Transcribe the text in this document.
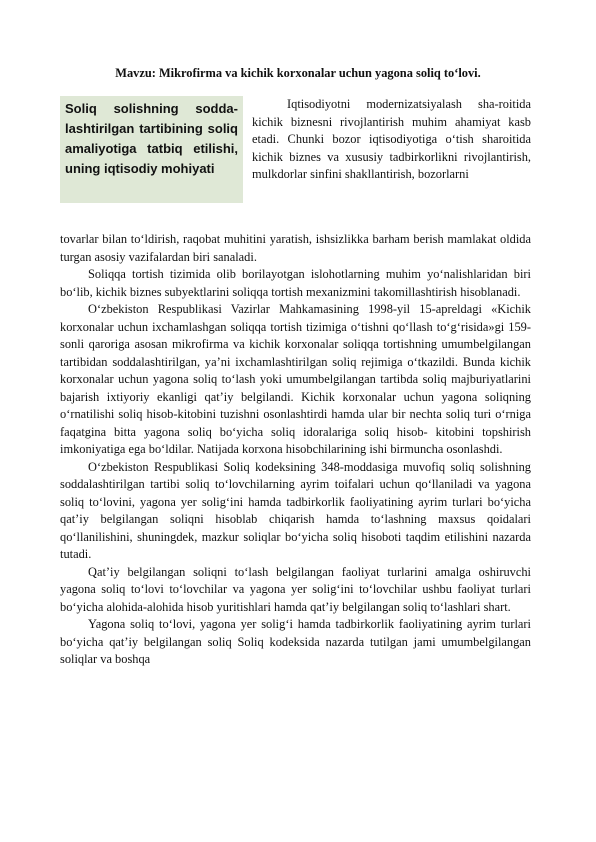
Mavzu: Mikrofirma va kichik korxonalar uchun yagona soliq to‘lovi.
Soliq solishning sodda-lashtirilgan tartibining soliq amaliyotiga tatbiq etilishi, uning iqtisodiy mohiyati

Iqtisodiyotni modernizatsiyalash sha-roitida kichik biznesni rivojlantirish muhim ahamiyat kasb etadi. Chunki bozor iqtisodiyotiga o‘tish sharoitida kichik biznes va xususiy tadbirkorlikni rivojlantirish, mulkdorlar sinfini shakllantirish, bozorlarni

tovarlar bilan to‘ldirish, raqobat muhitini yaratish, ishsizlikka barham berish mamlakat oldida turgan asosiy vazifalardan biri sanaladi.

Soliqqa tortish tizimida olib borilayotgan islohotlarning muhim yo‘nalishlaridan biri bo‘lib, kichik biznes subyektlarini soliqqa tortish mexanizmini takomillashtirish hisoblanadi.

O‘zbekiston Respublikasi Vazirlar Mahkamasining 1998-yil 15-apreldagi «Kichik korxonalar uchun ixchamlashgan soliqqa tortish tizimiga o‘tishni qo‘llash to‘g‘risida»gi 159-sonli qaroriga asosan mikrofirma va kichik korxonalar soliqqa tortishning umumbelgilangan tartibidan soddalashtirilgan, ya’ni ixchamlashtirilgan soliq rejimiga o‘tkazildi. Bunda kichik korxonalar uchun yagona soliq to‘lash yoki umumbelgilangan tartibda soliq majburiyatlarini bajarish ixtiyoriy ekanligi qat’iy belgilandi. Kichik korxonalar uchun yagona soliqning o‘rnatilishi soliq hisob-kitobini tuzishni osonlashtirdi hamda ular bir nechta soliq turi o‘rniga faqatgina bitta yagona soliq bo‘yicha soliq idoralariga soliq hisob- kitobini topshirish imkoniyatiga ega bo‘ldilar. Natijada korxona hisobchilarining ishi birmuncha osonlashdi.

O‘zbekiston Respublikasi Soliq kodeksining 348-moddasiga muvofiq soliq solishning soddalashtirilgan tartibi soliq to‘lovchilarning ayrim toifalari uchun qo‘llaniladi va yagona soliq to‘lovini, yagona yer solig‘ini hamda tadbirkorlik faoliyatining ayrim turlari bo‘yicha qat’iy belgilangan soliqni hisoblab chiqarish hamda to‘lashning maxsus qoidalari qo‘llanilishini, shuningdek, mazkur soliqlar bo‘yicha soliq hisoboti taqdim etilishini nazarda tutadi.

Qat’iy belgilangan soliqni to‘lash belgilangan faoliyat turlarini amalga oshiruvchi yagona soliq to‘lovi to‘lovchilar va yagona yer solig‘ini to‘lovchilar ushbu faoliyat turlari bo‘yicha alohida-alohida hisob yuritishlari hamda qat’iy belgilangan soliq to‘lashlari shart.

Yagona soliq to‘lovi, yagona yer solig‘i hamda tadbirkorlik faoliyatining ayrim turlari bo‘yicha qat’iy belgilangan soliq Soliq kodeksida nazarda tutilgan jami umumbelgilangan soliqlar va boshqa
